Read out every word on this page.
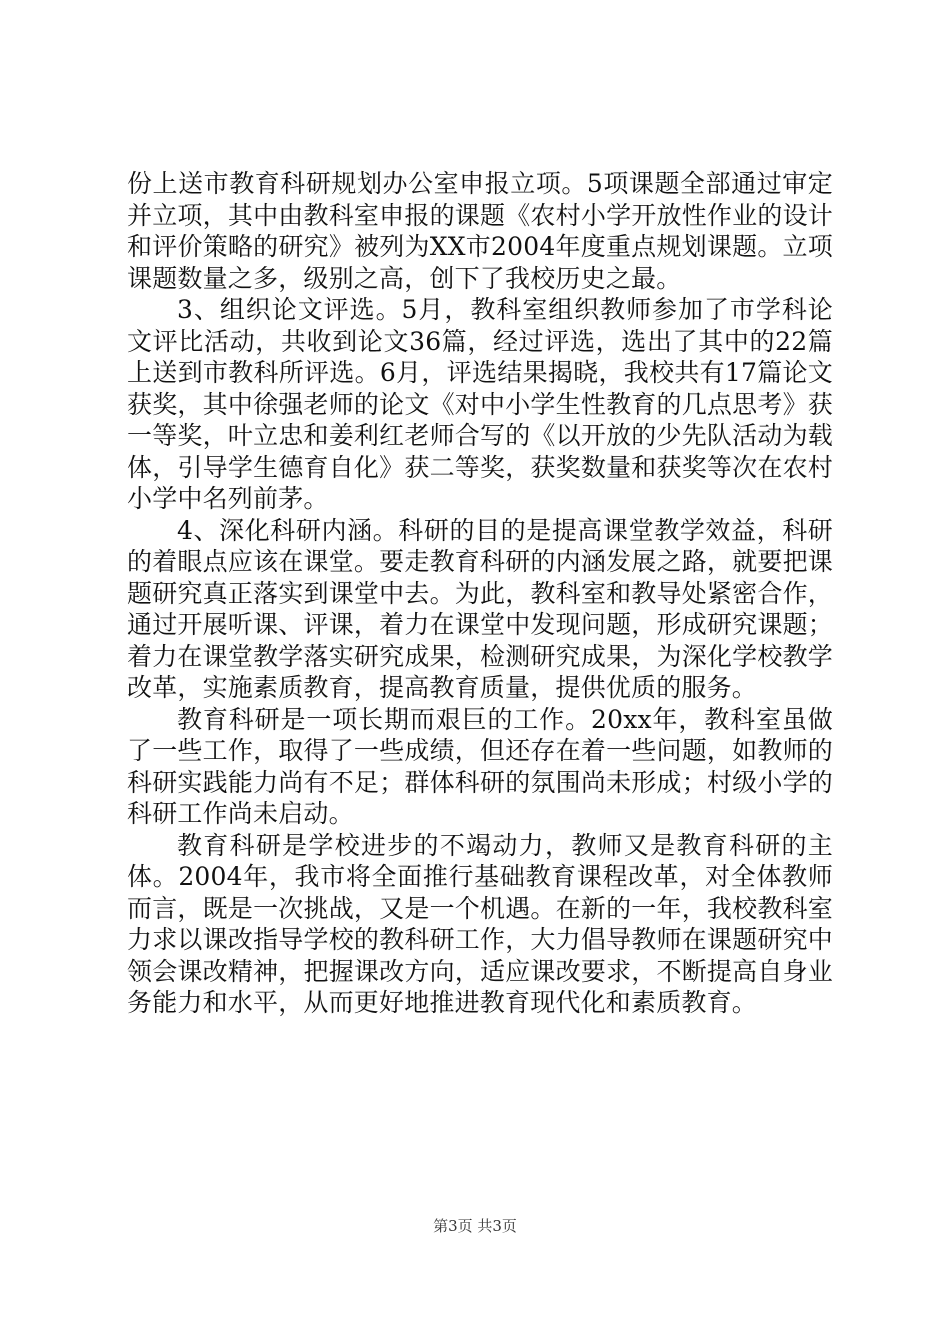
份上送市教育科研规划办公室申报立项。5项课题全部通过审定并立项，其中由教科室申报的课题《农村小学开放性作业的设计和评价策略的研究》被列为XX市2004年度重点规划课题。立项课题数量之多，级别之高，创下了我校历史之最。

3、组织论文评选。5月，教科室组织教师参加了市学科论文评比活动，共收到论文36篇，经过评选，选出了其中的22篇上送到市教科所评选。6月，评选结果揭晓，我校共有17篇论文获奖，其中徐强老师的论文《对中小学生性教育的几点思考》获一等奖，叶立忠和姜利红老师合写的《以开放的少先队活动为载体，引导学生德育自化》获二等奖，获奖数量和获奖等次在农村小学中名列前茅。

4、深化科研内涵。科研的目的是提高课堂教学效益，科研的着眼点应该在课堂。要走教育科研的内涵发展之路，就要把课题研究真正落实到课堂中去。为此，教科室和教导处紧密合作，通过开展听课、评课，着力在课堂中发现问题，形成研究课题；着力在课堂教学落实研究成果，检测研究成果，为深化学校教学改革，实施素质教育，提高教育质量，提供优质的服务。

教育科研是一项长期而艰巨的工作。20xx年，教科室虽做了一些工作，取得了一些成绩，但还存在着一些问题，如教师的科研实践能力尚有不足；群体科研的氛围尚未形成；村级小学的科研工作尚未启动。

教育科研是学校进步的不竭动力，教师又是教育科研的主体。2004年，我市将全面推行基础教育课程改革，对全体教师而言，既是一次挑战，又是一个机遇。在新的一年，我校教科室力求以课改指导学校的教科研工作，大力倡导教师在课题研究中领会课改精神，把握课改方向，适应课改要求，不断提高自身业务能力和水平，从而更好地推进教育现代化和素质教育。

第3页 共3页
